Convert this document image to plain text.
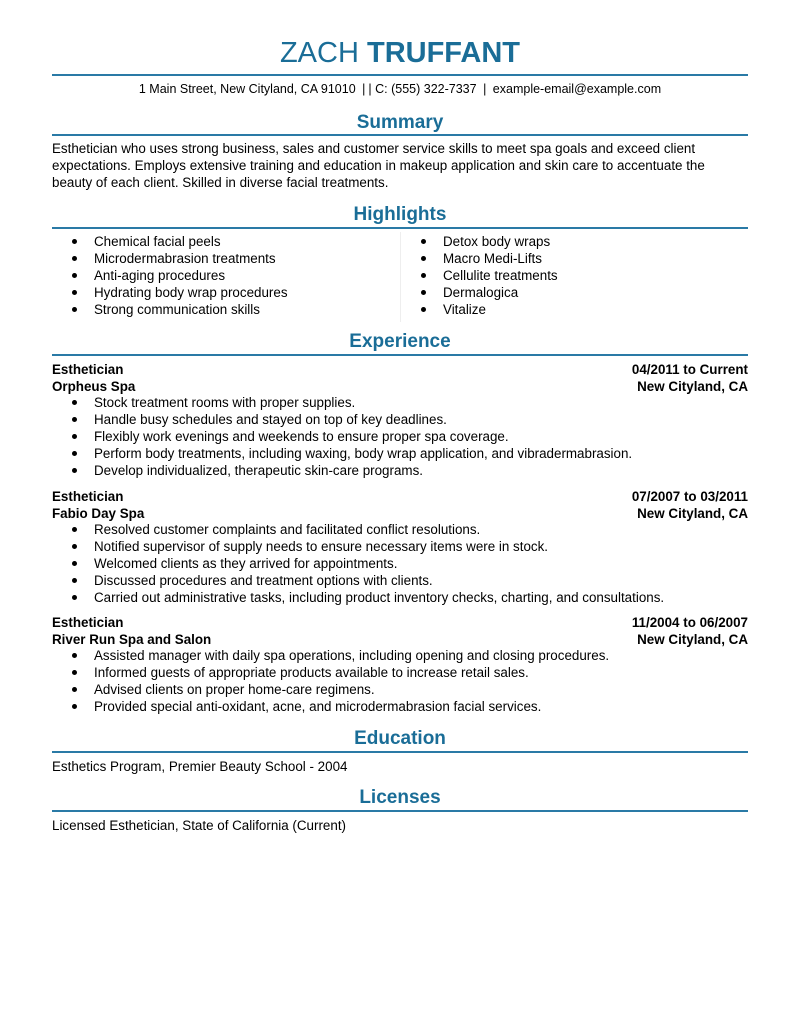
ZACH TRUFFANT
1 Main Street, New Cityland, CA 91010 | | C: (555) 322-7337 | example-email@example.com
Summary
Esthetician who uses strong business, sales and customer service skills to meet spa goals and exceed client expectations. Employs extensive training and education in makeup application and skin care to accentuate the beauty of each client. Skilled in diverse facial treatments.
Highlights
Chemical facial peels
Microdermabrasion treatments
Anti-aging procedures
Hydrating body wrap procedures
Strong communication skills
Detox body wraps
Macro Medi-Lifts
Cellulite treatments
Dermalogica
Vitalize
Experience
Esthetician	04/2011 to Current
Orpheus Spa	New Cityland, CA
Stock treatment rooms with proper supplies.
Handle busy schedules and stayed on top of key deadlines.
Flexibly work evenings and weekends to ensure proper spa coverage.
Perform body treatments, including waxing, body wrap application, and vibradermabrasion.
Develop individualized, therapeutic skin-care programs.
Esthetician	07/2007 to 03/2011
Fabio Day Spa	New Cityland, CA
Resolved customer complaints and facilitated conflict resolutions.
Notified supervisor of supply needs to ensure necessary items were in stock.
Welcomed clients as they arrived for appointments.
Discussed procedures and treatment options with clients.
Carried out administrative tasks, including product inventory checks, charting, and consultations.
Esthetician	11/2004 to 06/2007
River Run Spa and Salon	New Cityland, CA
Assisted manager with daily spa operations, including opening and closing procedures.
Informed guests of appropriate products available to increase retail sales.
Advised clients on proper home-care regimens.
Provided special anti-oxidant, acne, and microdermabrasion facial services.
Education
Esthetics Program, Premier Beauty School - 2004
Licenses
Licensed Esthetician, State of California (Current)
